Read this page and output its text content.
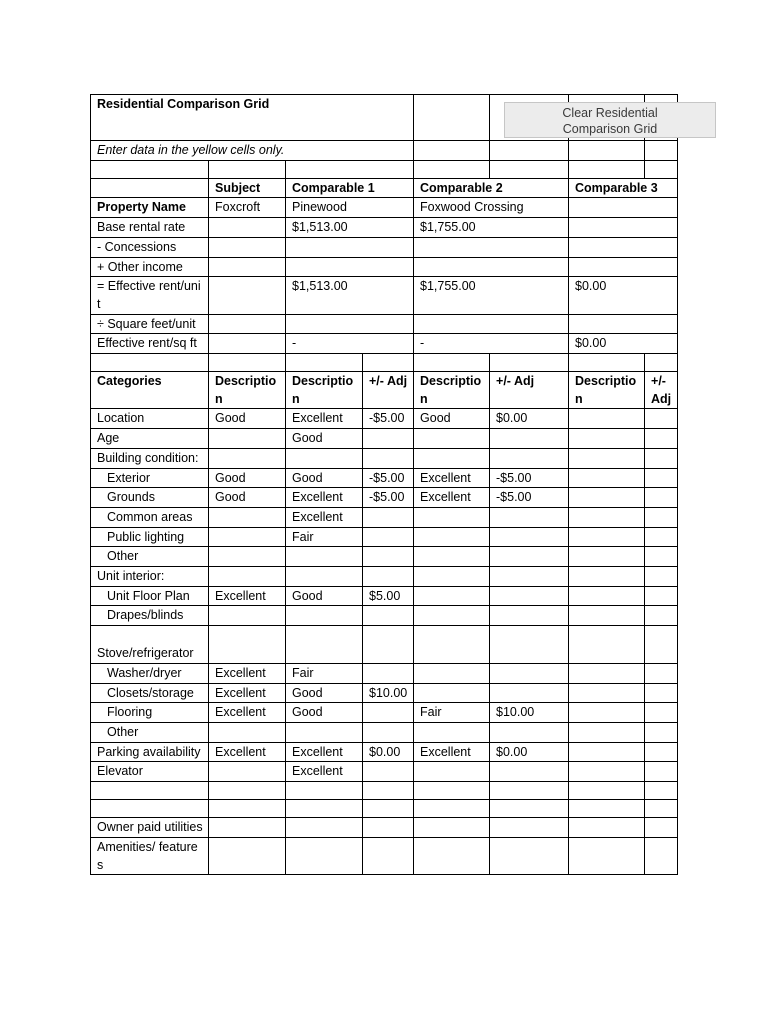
Residential Comparison Grid							
Enter data in the yellow cells only.							

	Subject	Comparable 1		Comparable 2		Comparable 3	
Property Name	Foxcroft	Pinewood		Foxwood Crossing			
Base rental rate		$1,513.00		$1,755.00			
- Concessions							
+ Other income							
= Effective rent/unit		$1,513.00		$1,755.00		$0.00	
÷ Square feet/unit							
Effective rent/sq ft		-		-		$0.00	

Categories	Description	Description	+/- Adj	Description	+/- Adj	Description	+/- Adj
Location	Good	Excellent	-$5.00	Good	$0.00		
Age		Good					
Building condition:							
Exterior	Good	Good	-$5.00	Excellent	-$5.00		
Grounds	Good	Excellent	-$5.00	Excellent	-$5.00		
Common areas		Excellent					
Public lighting		Fair					
Other							
Unit interior:							
Unit Floor Plan	Excellent	Good	$5.00				
Drapes/blinds							
Stove/refrigerator							
Washer/dryer	Excellent	Fair					
Closets/storage	Excellent	Good	$10.00				
Flooring	Excellent	Good		Fair	$10.00		
Other							
Parking availability	Excellent	Excellent	$0.00	Excellent	$0.00		
Elevator		Excellent					

Owner paid utilities							
Amenities/ features							
Clear Residential
Comparison Grid
